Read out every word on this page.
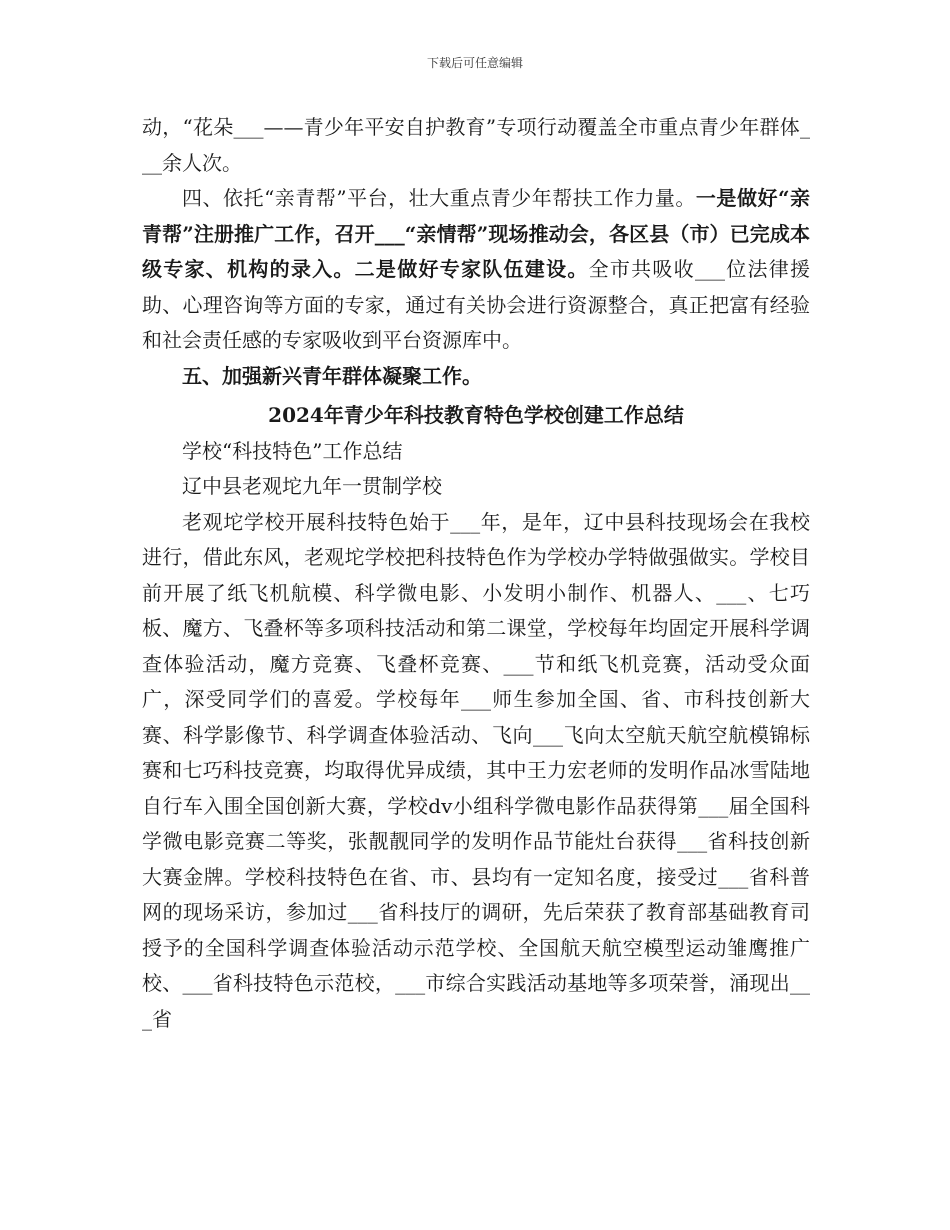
下载后可任意编辑

动，“花朵___——青少年平安自护教育”专项行动覆盖全市重点青少年群体___余人次。

四、依托“亲青帮”平台，壮大重点青少年帮扶工作力量。一是做好“亲青帮”注册推广工作，召开___“亲情帮”现场推动会，各区县（市）已完成本级专家、机构的录入。二是做好专家队伍建设。全市共吸收___位法律援助、心理咨询等方面的专家，通过有关协会进行资源整合，真正把富有经验和社会责任感的专家吸收到平台资源库中。

五、加强新兴青年群体凝聚工作。

2024年青少年科技教育特色学校创建工作总结

学校“科技特色”工作总结

辽中县老观坨九年一贯制学校

老观坨学校开展科技特色始于___年，是年，辽中县科技现场会在我校进行，借此东风，老观坨学校把科技特色作为学校办学特做强做实。学校目前开展了纸飞机航模、科学微电影、小发明小制作、机器人、___、七巧板、魔方、飞叠杯等多项科技活动和第二课堂，学校每年均固定开展科学调查体验活动，魔方竞赛、飞叠杯竞赛、___节和纸飞机竞赛，活动受众面广，深受同学们的喜爱。学校每年___师生参加全国、省、市科技创新大赛、科学影像节、科学调查体验活动、飞向___飞向太空航天航空航模锦标赛和七巧科技竞赛，均取得优异成绩，其中王力宏老师的发明作品冰雪陆地自行车入围全国创新大赛，学校dv小组科学微电影作品获得第___届全国科学微电影竞赛二等奖，张靓靓同学的发明作品节能灶台获得___省科技创新大赛金牌。学校科技特色在省、市、县均有一定知名度，接受过___省科普网的现场采访，参加过___省科技厅的调研，先后荣获了教育部基础教育司授予的全国科学调查体验活动示范学校、全国航天航空模型运动雏鹰推广校、___省科技特色示范校，___市综合实践活动基地等多项荣誉，涌现出___省
